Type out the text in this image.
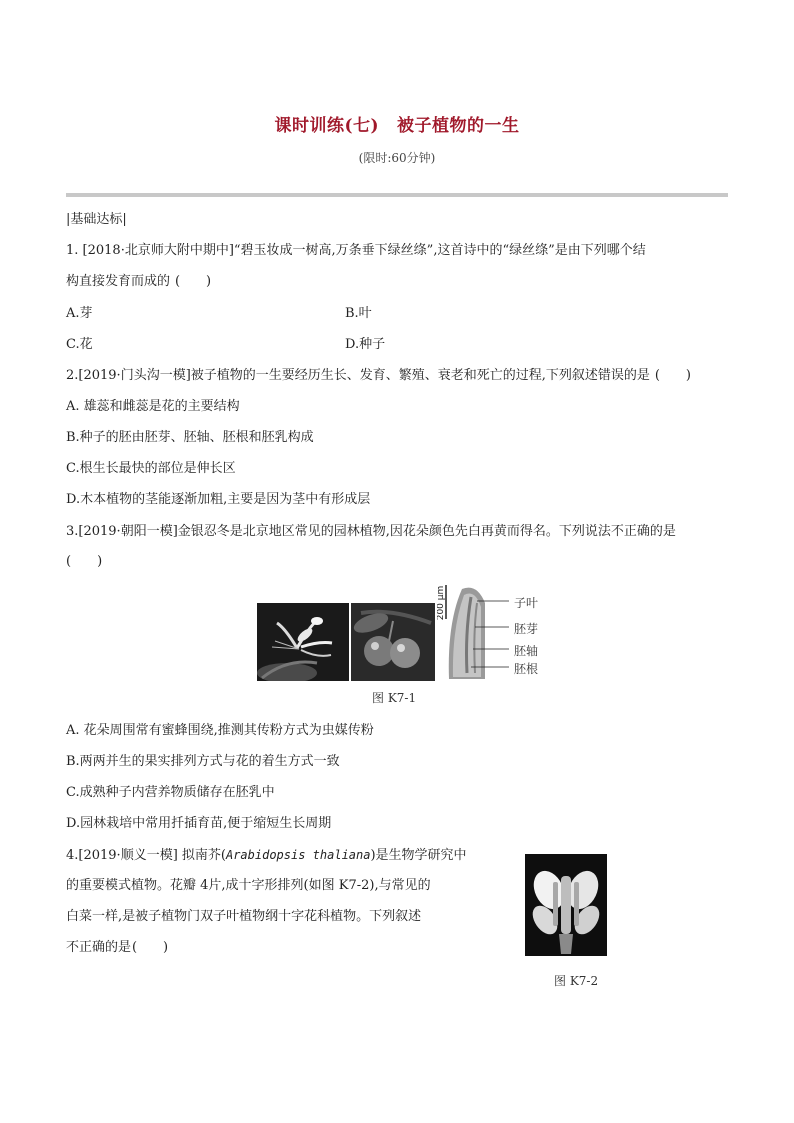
课时训练(七) 被子植物的一生
(限时:60分钟)
|基础达标|
1. [2018·北京师大附中期中]“碧玉妆成一树高,万条垂下绿丝绦”,这首诗中的“绿丝绦”是由下列哪个结
构直接发育而成的 (　　)
A.芽	B.叶
C.花	D.种子
2.[2019·门头沟一模]被子植物的一生要经历生长、发育、繁殖、衰老和死亡的过程,下列叙述错误的是 (　　)
A. 雄蕊和雌蕊是花的主要结构
B.种子的胚由胚芽、胚轴、胚根和胚乳构成
C.根生长最快的部位是伸长区
D.木本植物的茎能逐渐加粗,主要是因为茎中有形成层
3.[2019·朝阳一模]金银忍冬是北京地区常见的园林植物,因花朵颜色先白再黄而得名。下列说法不正确的是
(　　)
200 μm	子叶
胚芽
胚轴
胚根
图 K7-1
A. 花朵周围常有蜜蜂围绕,推测其传粉方式为虫媒传粉
B.两两并生的果实排列方式与花的着生方式一致
C.成熟种子内营养物质储存在胚乳中
D.园林栽培中常用扦插育苗,便于缩短生长周期
4.[2019·顺义一模] 拟南芥(Arabidopsis thaliana)是生物学研究中
的重要模式植物。花瓣 4片,成十字形排列(如图 K7-2),与常见的
白菜一样,是被子植物门双子叶植物纲十字花科植物。下列叙述
不正确的是(　　)
图 K7-2
